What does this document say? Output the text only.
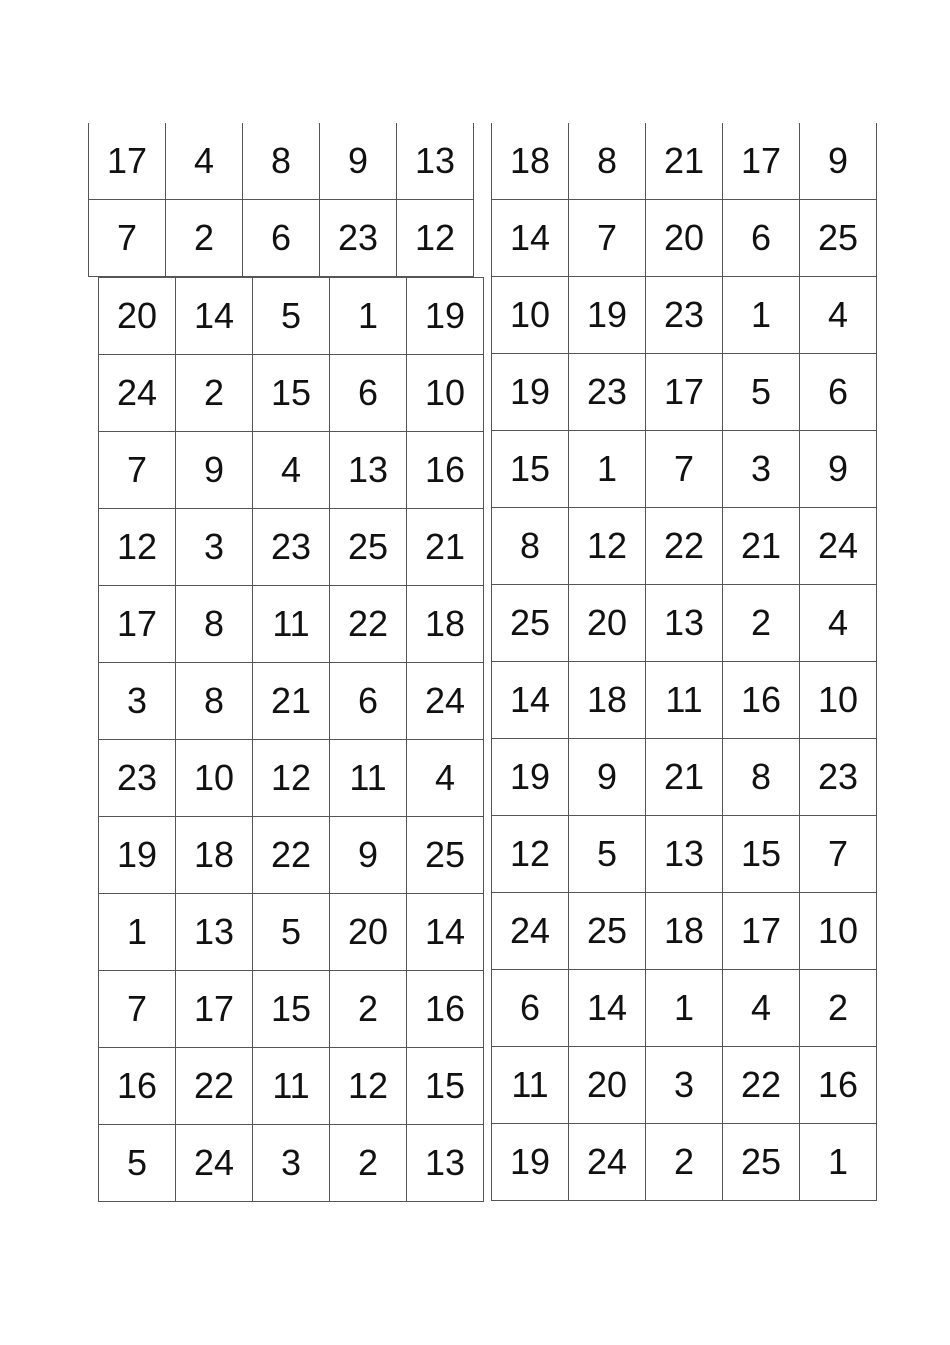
17	4	8	9	13
7	2	6	23	12
20	14	5	1	19
24	2	15	6	10
7	9	4	13	16
12	3	23	25	21
17	8	11	22	18
3	8	21	6	24
23	10	12	11	4
19	18	22	9	25
1	13	5	20	14
7	17	15	2	16
16	22	11	12	15
5	24	3	2	13
18	8	21	17	9
14	7	20	6	25
10	19	23	1	4
19	23	17	5	6
15	1	7	3	9
8	12	22	21	24
25	20	13	2	4
14	18	11	16	10
19	9	21	8	23
12	5	13	15	7
24	25	18	17	10
6	14	1	4	2
11	20	3	22	16
19	24	2	25	1
